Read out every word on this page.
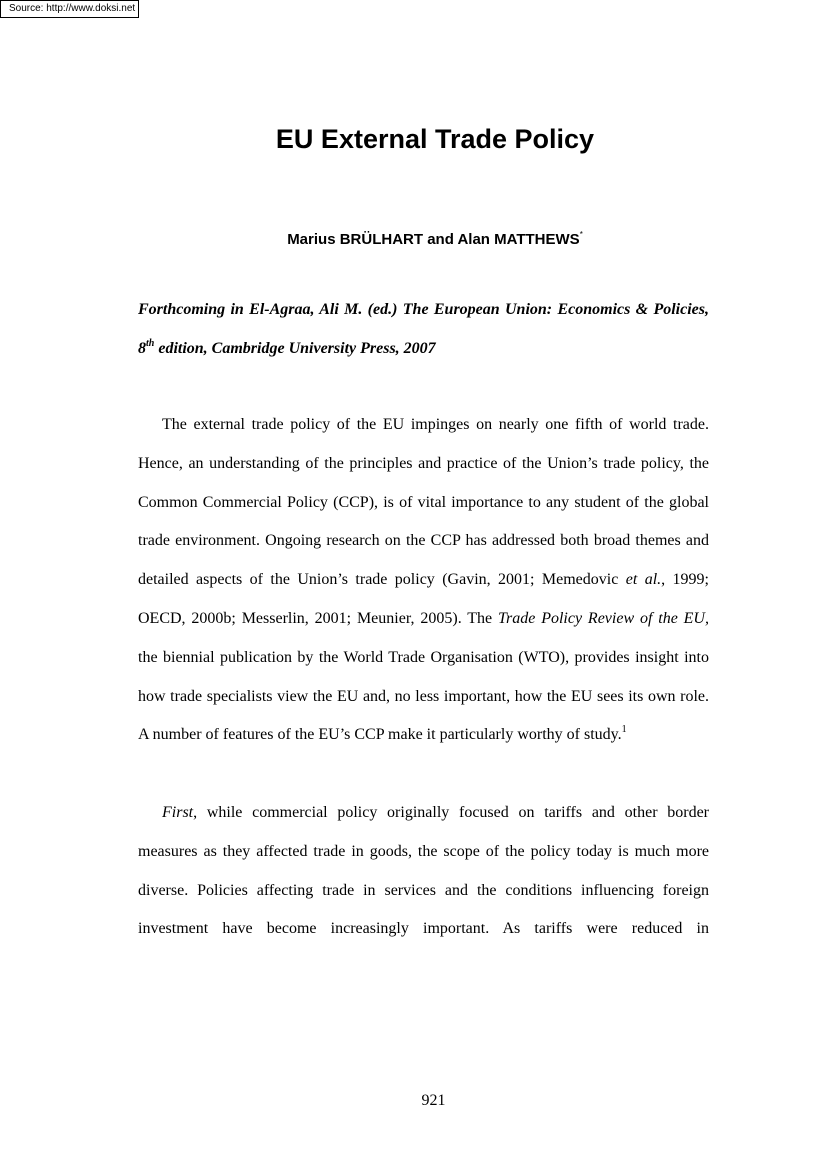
Source: http://www.doksi.net
EU External Trade Policy
Marius BRÜLHART and Alan MATTHEWS*
Forthcoming in El-Agraa, Ali M. (ed.) The European Union: Economics & Policies, 8th edition, Cambridge University Press, 2007

The external trade policy of the EU impinges on nearly one fifth of world trade. Hence, an understanding of the principles and practice of the Union’s trade policy, the Common Commercial Policy (CCP), is of vital importance to any student of the global trade environment. Ongoing research on the CCP has addressed both broad themes and detailed aspects of the Union’s trade policy (Gavin, 2001; Memedovic et al., 1999; OECD, 2000b; Messerlin, 2001; Meunier, 2005). The Trade Policy Review of the EU, the biennial publication by the World Trade Organisation (WTO), provides insight into how trade specialists view the EU and, no less important, how the EU sees its own role. A number of features of the EU’s CCP make it particularly worthy of study.$^1$

First, while commercial policy originally focused on tariffs and other border measures as they affected trade in goods, the scope of the policy today is much more diverse. Policies affecting trade in services and the conditions influencing foreign investment have become increasingly important. As tariffs were reduced in

921
